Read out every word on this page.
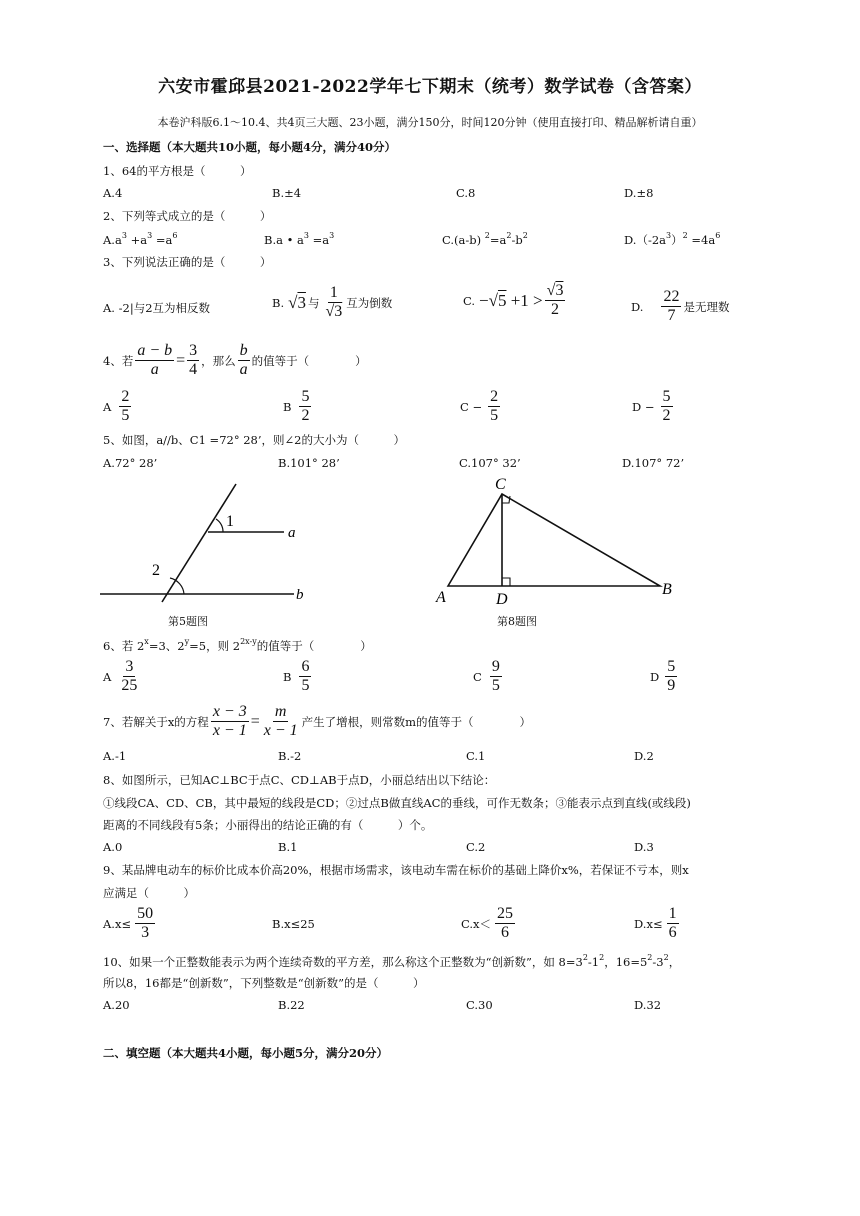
六安市霍邱县2021-2022学年七下期末（统考）数学试卷（含答案）
本卷沪科版6.1～10.4、共4页三大题、23小题，满分150分，时间120分钟（使用直接打印、精品解析请自重）
一、选择题（本大题共10小题，每小题4分，满分40分）
1、64的平方根是（　　　）
A.4	B.±4	C.8	D.±8
2、下列等式成立的是（　　　）
$A.a^3 +a^3 =a^6$	B.a • $a^3 =a^3$	C.(a-b) $^2=a^2-b^2$	$D.(-2a^3)^2 =4a^6$
3、下列说法正确的是（　　　）
A. -2|与2互为相反数	B. √3 与 $\frac{1}{√3}$ 互为倒数	C. $-√5 +1 > \frac{√3}{2}$	D. $\frac{22}{7}$ 是无理数
4、若 $\frac{a - b}{a} = \frac{3}{4}$ ，那么 $\frac{b}{a}$ 的值等于（　　　　）
A $\frac{2}{5}$	B $\frac{5}{2}$	$C - \frac{2}{5}$	$D - \frac{5}{2}$
5、如图，a//b、C1 =72° 28’，则∠2的大小为（　　　）
A.72° 28’	B.101° 28’	C.107° 32’	D.107° 72’
1
2
a
b
第5题图
C
A	D
B
第8题图
6、若 $2^x=3$、$2^y=5$，则 $2^{2x-y}$的值等于（　　　　）
A $\frac{3}{25}$	B $\frac{6}{5}$	C $\frac{9}{5}$	D $\frac{5}{9}$
7、若解关于x的方程 $\frac{x - 3}{x - 1} = \frac{m}{x - 1}$ 产生了增根，则常数m的值等于（　　　　）
A.-1	B.-2	C.1	D.2
8、如图所示，已知AC⊥BC于点C、CD⊥AB于点D，小丽总结出以下结论：
①线段CA、CD、CB，其中最短的线段是CD；②过点B做直线AC的垂线，可作无数条；③能表示点到直线(或线段)
距离的不同线段有5条；小丽得出的结论正确的有（　　　）个。
A.0	B.1	C.2	D.3
9、某品牌电动车的标价比成本价高20%，根据市场需求，该电动车需在标价的基础上降价x%，若保证不亏本，则x
应满足（　　　）
$A.x\le \frac{50}{3}$	B.x≤25	$C.x< \frac{25}{6}$	$D.x\le \frac{1}{6}$
10、如果一个正整数能表示为两个连续奇数的平方差，那么称这个正整数为“创新数”，如 $8=3^2-1^2$，$16=5^2-3^2$，
所以8，16都是“创新数”，下列整数是“创新数”的是（　　　）
A.20	B.22	C.30	D.32
二、填空题（本大题共4小题，每小题5分，满分20分）
